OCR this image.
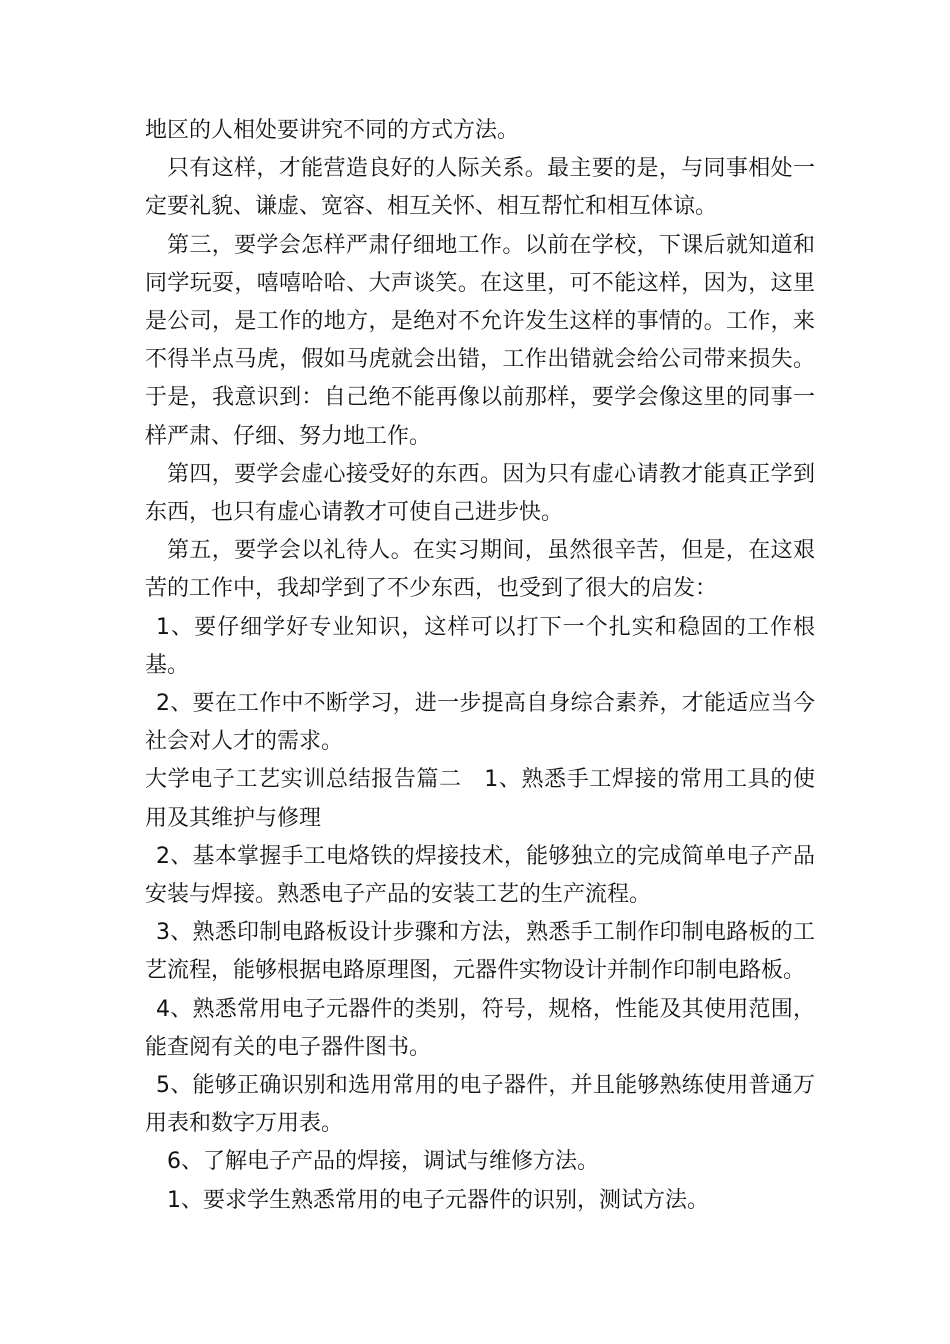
地区的人相处要讲究不同的方式方法。

只有这样，才能营造良好的人际关系。最主要的是，与同事相处一定要礼貌、谦虚、宽容、相互关怀、相互帮忙和相互体谅。

第三，要学会怎样严肃仔细地工作。以前在学校，下课后就知道和同学玩耍，嘻嘻哈哈、大声谈笑。在这里，可不能这样，因为，这里是公司，是工作的地方，是绝对不允许发生这样的事情的。工作，来不得半点马虎，假如马虎就会出错，工作出错就会给公司带来损失。于是，我意识到：自己绝不能再像以前那样，要学会像这里的同事一样严肃、仔细、努力地工作。

第四，要学会虚心接受好的东西。因为只有虚心请教才能真正学到东西，也只有虚心请教才可使自己进步快。

第五，要学会以礼待人。在实习期间，虽然很辛苦，但是，在这艰苦的工作中，我却学到了不少东西，也受到了很大的启发：

1、要仔细学好专业知识，这样可以打下一个扎实和稳固的工作根基。

2、要在工作中不断学习，进一步提高自身综合素养，才能适应当今社会对人才的需求。

大学电子工艺实训总结报告篇二　1、熟悉手工焊接的常用工具的使用及其维护与修理

2、基本掌握手工电烙铁的焊接技术，能够独立的完成简单电子产品安装与焊接。熟悉电子产品的安装工艺的生产流程。

3、熟悉印制电路板设计步骤和方法，熟悉手工制作印制电路板的工艺流程，能够根据电路原理图，元器件实物设计并制作印制电路板。

4、熟悉常用电子元器件的类别，符号，规格，性能及其使用范围，能查阅有关的电子器件图书。

5、能够正确识别和选用常用的电子器件，并且能够熟练使用普通万用表和数字万用表。

6、了解电子产品的焊接，调试与维修方法。

1、要求学生熟悉常用的电子元器件的识别，测试方法。
